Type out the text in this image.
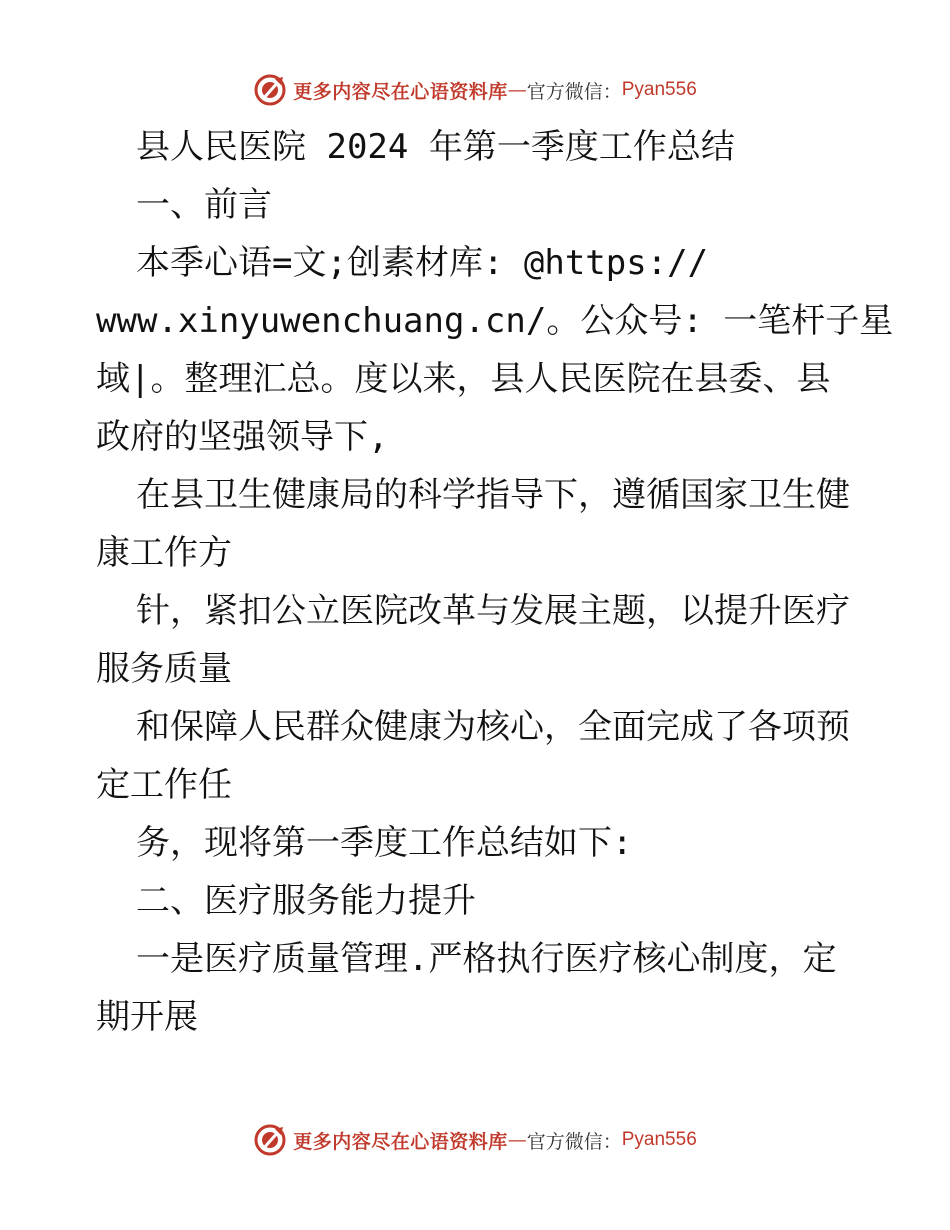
更多内容尽在心语资料库 — 官方微信： Pyan556
县人民医院 2024 年第一季度工作总结
一、前言
本季心语=文;创素材库: @https://
www.xinyuwenchuang.cn/。公众号: 一笔杆子星
域|。整理汇总。度以来，县人民医院在县委、县
政府的坚强领导下,
在县卫生健康局的科学指导下，遵循国家卫生健
康工作方
针，紧扣公立医院改革与发展主题，以提升医疗
服务质量
和保障人民群众健康为核心，全面完成了各项预
定工作任
务，现将第一季度工作总结如下:
二、医疗服务能力提升
一是医疗质量管理.严格执行医疗核心制度，定
期开展
更多内容尽在心语资料库 — 官方微信： Pyan556
